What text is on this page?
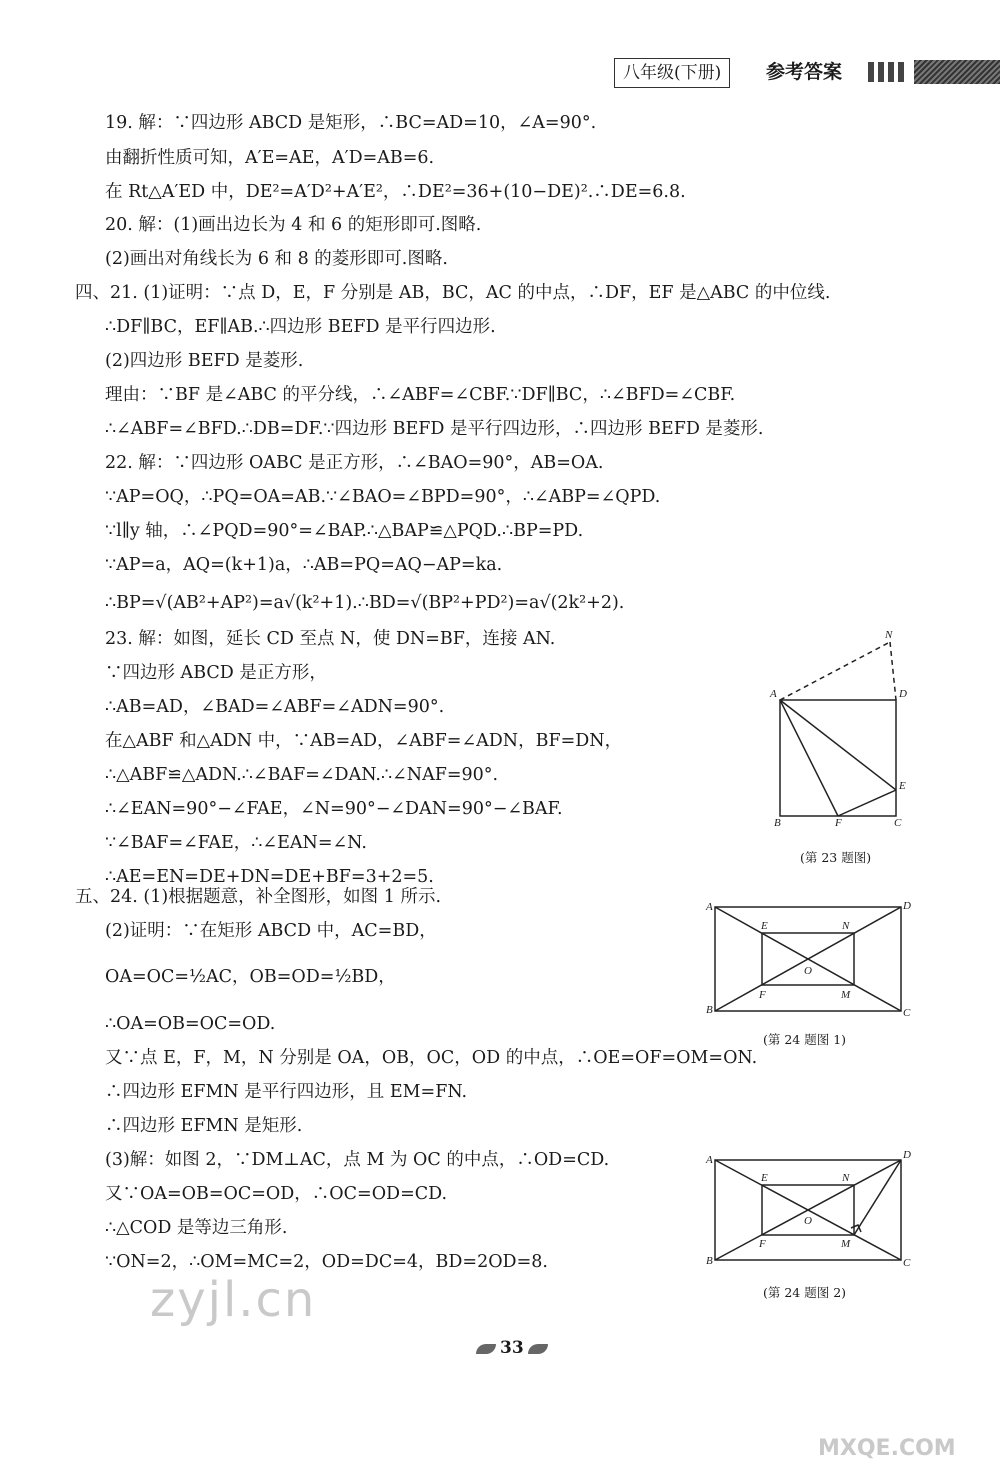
八年级(下册)	参考答案
19. 解：∵四边形 ABCD 是矩形，∴BC=AD=10，∠A=90°.
由翻折性质可知，A′E=AE，A′D=AB=6.
在 Rt△A′ED 中，DE²=A′D²+A′E²，∴DE²=36+(10−DE)².∴DE=6.8.
20. 解：(1)画出边长为 4 和 6 的矩形即可.图略.
(2)画出对角线长为 6 和 8 的菱形即可.图略.
四、21. (1)证明：∵点 D，E，F 分别是 AB，BC，AC 的中点，∴DF，EF 是△ABC 的中位线.
∴DF∥BC，EF∥AB.∴四边形 BEFD 是平行四边形.
(2)四边形 BEFD 是菱形.
理由：∵BF 是∠ABC 的平分线，∴∠ABF=∠CBF.∵DF∥BC，∴∠BFD=∠CBF.
∴∠ABF=∠BFD.∴DB=DF.∵四边形 BEFD 是平行四边形，∴四边形 BEFD 是菱形.
22. 解：∵四边形 OABC 是正方形，∴∠BAO=90°，AB=OA.
∵AP=OQ，∴PQ=OA=AB.∵∠BAO=∠BPD=90°，∴∠ABP=∠QPD.
∵l∥y 轴，∴∠PQD=90°=∠BAP.∴△BAP≌△PQD.∴BP=PD.
∵AP=a，AQ=(k+1)a，∴AB=PQ=AQ−AP=ka.
∴BP=√(AB²+AP²)=a√(k²+1).∴BD=√(BP²+PD²)=a√(2k²+2).
23. 解：如图，延长 CD 至点 N，使 DN=BF，连接 AN.
∵四边形 ABCD 是正方形，
∴AB=AD，∠BAD=∠ABF=∠ADN=90°.
在△ABF 和△ADN 中，∵AB=AD，∠ABF=∠ADN，BF=DN，
∴△ABF≌△ADN.∴∠BAF=∠DAN.∴∠NAF=90°.
∴∠EAN=90°−∠FAE，∠N=90°−∠DAN=90°−∠BAF.
∵∠BAF=∠FAE，∴∠EAN=∠N.
∴AE=EN=DE+DN=DE+BF=3+2=5.
五、24. (1)根据题意，补全图形，如图 1 所示.
(2)证明：∵在矩形 ABCD 中，AC=BD，
OA=OC=½AC，OB=OD=½BD，
∴OA=OB=OC=OD.
又∵点 E，F，M，N 分别是 OA，OB，OC，OD 的中点，∴OE=OF=OM=ON.
∴四边形 EFMN 是平行四边形，且 EM=FN.
∴四边形 EFMN 是矩形.
(3)解：如图 2，∵DM⊥AC，点 M 为 OC 的中点，∴OD=CD.
又∵OA=OB=OC=OD，∴OC=OD=CD.
∴△COD 是等边三角形.
∵ON=2，∴OM=MC=2，OD=DC=4，BD=2OD=8.
N
A	D
E
B	F	C
(第 23 题图)
A	D
E	N
O
F	M
B	C
(第 24 题图 1)
A	D
E	N
O
F	M
B	C
(第 24 题图 2)
33
zyjl.cn
MXQE.COM
